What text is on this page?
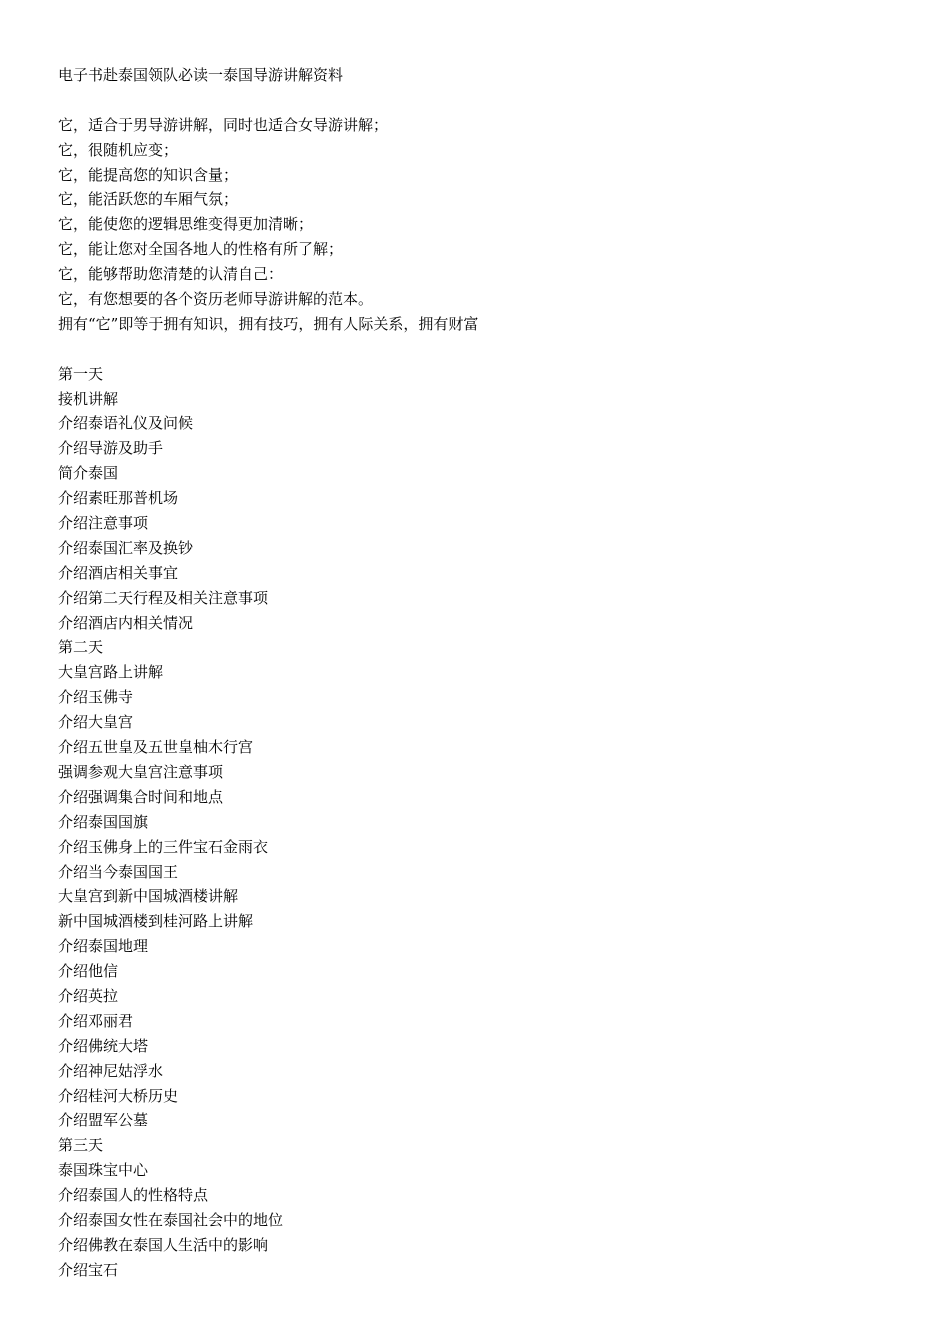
电子书赴泰国领队必读一泰国导游讲解资料
它，适合于男导游讲解，同时也适合女导游讲解；
它，很随机应变；
它，能提高您的知识含量；
它，能活跃您的车厢气氛；
它，能使您的逻辑思维变得更加清晰；
它，能让您对全国各地人的性格有所了解；
它，能够帮助您清楚的认清自己：
它，有您想要的各个资历老师导游讲解的范本。
拥有“它”即等于拥有知识，拥有技巧，拥有人际关系，拥有财富
第一天
接机讲解
介绍泰语礼仪及问候
介绍导游及助手
简介泰国
介绍素旺那普机场
介绍注意事项
介绍泰国汇率及换钞
介绍酒店相关事宜
介绍第二天行程及相关注意事项
介绍酒店内相关情况
第二天
大皇宫路上讲解
介绍玉佛寺
介绍大皇宫
介绍五世皇及五世皇柚木行宫
强调参观大皇宫注意事项
介绍强调集合时间和地点
介绍泰国国旗
介绍玉佛身上的三件宝石金雨衣
介绍当今泰国国王
大皇宫到新中国城酒楼讲解
新中国城酒楼到桂河路上讲解
介绍泰国地理
介绍他信
介绍英拉
介绍邓丽君
介绍佛统大塔
介绍神尼姑浮水
介绍桂河大桥历史
介绍盟军公墓
第三天
泰国珠宝中心
介绍泰国人的性格特点
介绍泰国女性在泰国社会中的地位
介绍佛教在泰国人生活中的影响
介绍宝石
